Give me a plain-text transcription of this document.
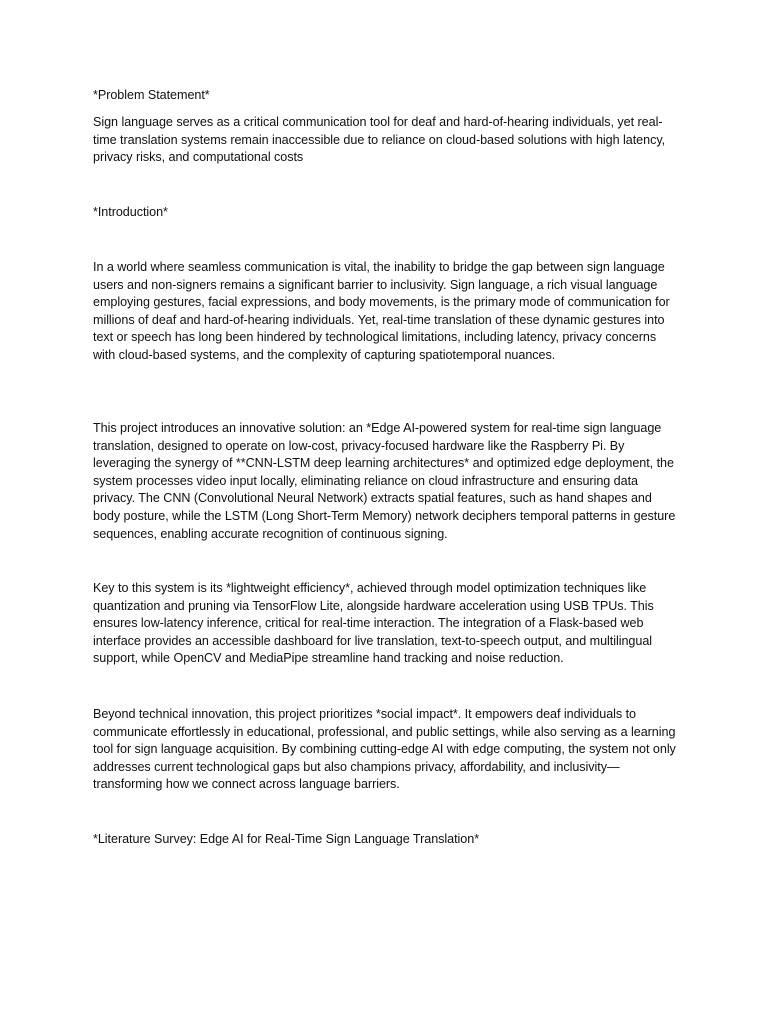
*Problem Statement*

Sign language serves as a critical communication tool for deaf and hard-of-hearing individuals, yet real-time translation systems remain inaccessible due to reliance on cloud-based solutions with high latency, privacy risks, and computational costs

*Introduction*

In a world where seamless communication is vital, the inability to bridge the gap between sign language users and non-signers remains a significant barrier to inclusivity. Sign language, a rich visual language employing gestures, facial expressions, and body movements, is the primary mode of communication for millions of deaf and hard-of-hearing individuals. Yet, real-time translation of these dynamic gestures into text or speech has long been hindered by technological limitations, including latency, privacy concerns with cloud-based systems, and the complexity of capturing spatiotemporal nuances.

This project introduces an innovative solution: an *Edge AI-powered system for real-time sign language translation, designed to operate on low-cost, privacy-focused hardware like the Raspberry Pi. By leveraging the synergy of **CNN-LSTM deep learning architectures* and optimized edge deployment, the system processes video input locally, eliminating reliance on cloud infrastructure and ensuring data privacy. The CNN (Convolutional Neural Network) extracts spatial features, such as hand shapes and body posture, while the LSTM (Long Short-Term Memory) network deciphers temporal patterns in gesture sequences, enabling accurate recognition of continuous signing.

Key to this system is its *lightweight efficiency*, achieved through model optimization techniques like quantization and pruning via TensorFlow Lite, alongside hardware acceleration using USB TPUs. This ensures low-latency inference, critical for real-time interaction. The integration of a Flask-based web interface provides an accessible dashboard for live translation, text-to-speech output, and multilingual support, while OpenCV and MediaPipe streamline hand tracking and noise reduction.

Beyond technical innovation, this project prioritizes *social impact*. It empowers deaf individuals to communicate effortlessly in educational, professional, and public settings, while also serving as a learning tool for sign language acquisition. By combining cutting-edge AI with edge computing, the system not only addresses current technological gaps but also champions privacy, affordability, and inclusivity—transforming how we connect across language barriers.

*Literature Survey: Edge AI for Real-Time Sign Language Translation*
